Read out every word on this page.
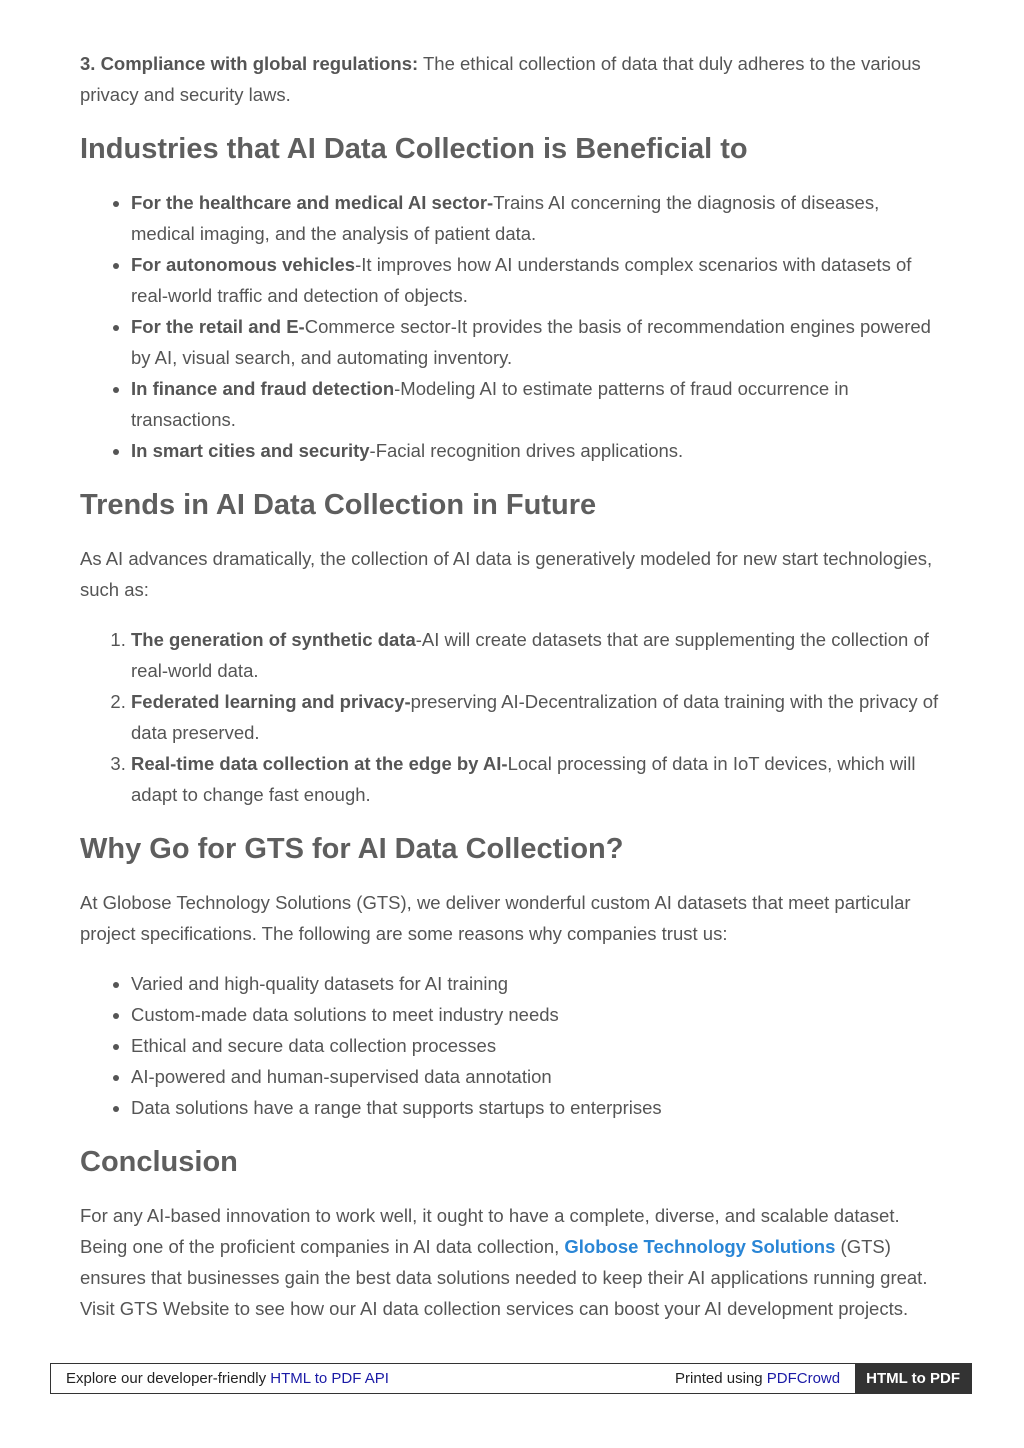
3. Compliance with global regulations: The ethical collection of data that duly adheres to the various privacy and security laws.

Industries that AI Data Collection is Beneficial to
• For the healthcare and medical AI sector-Trains AI concerning the diagnosis of diseases, medical imaging, and the analysis of patient data.
• For autonomous vehicles-It improves how AI understands complex scenarios with datasets of real-world traffic and detection of objects.
• For the retail and E-Commerce sector-It provides the basis of recommendation engines powered by AI, visual search, and automating inventory.
• In finance and fraud detection-Modeling AI to estimate patterns of fraud occurrence in transactions.
• In smart cities and security-Facial recognition drives applications.
Trends in AI Data Collection in Future

As AI advances dramatically, the collection of AI data is generatively modeled for new start technologies, such as:

1. The generation of synthetic data-AI will create datasets that are supplementing the collection of real-world data.
2. Federated learning and privacy-preserving AI-Decentralization of data training with the privacy of data preserved.
3. Real-time data collection at the edge by AI-Local processing of data in IoT devices, which will adapt to change fast enough.
Why Go for GTS for AI Data Collection?

At Globose Technology Solutions (GTS), we deliver wonderful custom AI datasets that meet particular project specifications. The following are some reasons why companies trust us:

• Varied and high-quality datasets for AI training
• Custom-made data solutions to meet industry needs
• Ethical and secure data collection processes
• AI-powered and human-supervised data annotation
• Data solutions have a range that supports startups to enterprises
Conclusion

For any AI-based innovation to work well, it ought to have a complete, diverse, and scalable dataset. Being one of the proficient companies in AI data collection, Globose Technology Solutions (GTS) ensures that businesses gain the best data solutions needed to keep their AI applications running great.

Visit GTS Website to see how our AI data collection services can boost your AI development projects.

Explore our developer-friendly HTML to PDF API	Printed using PDFCrowd	HTML to PDF
